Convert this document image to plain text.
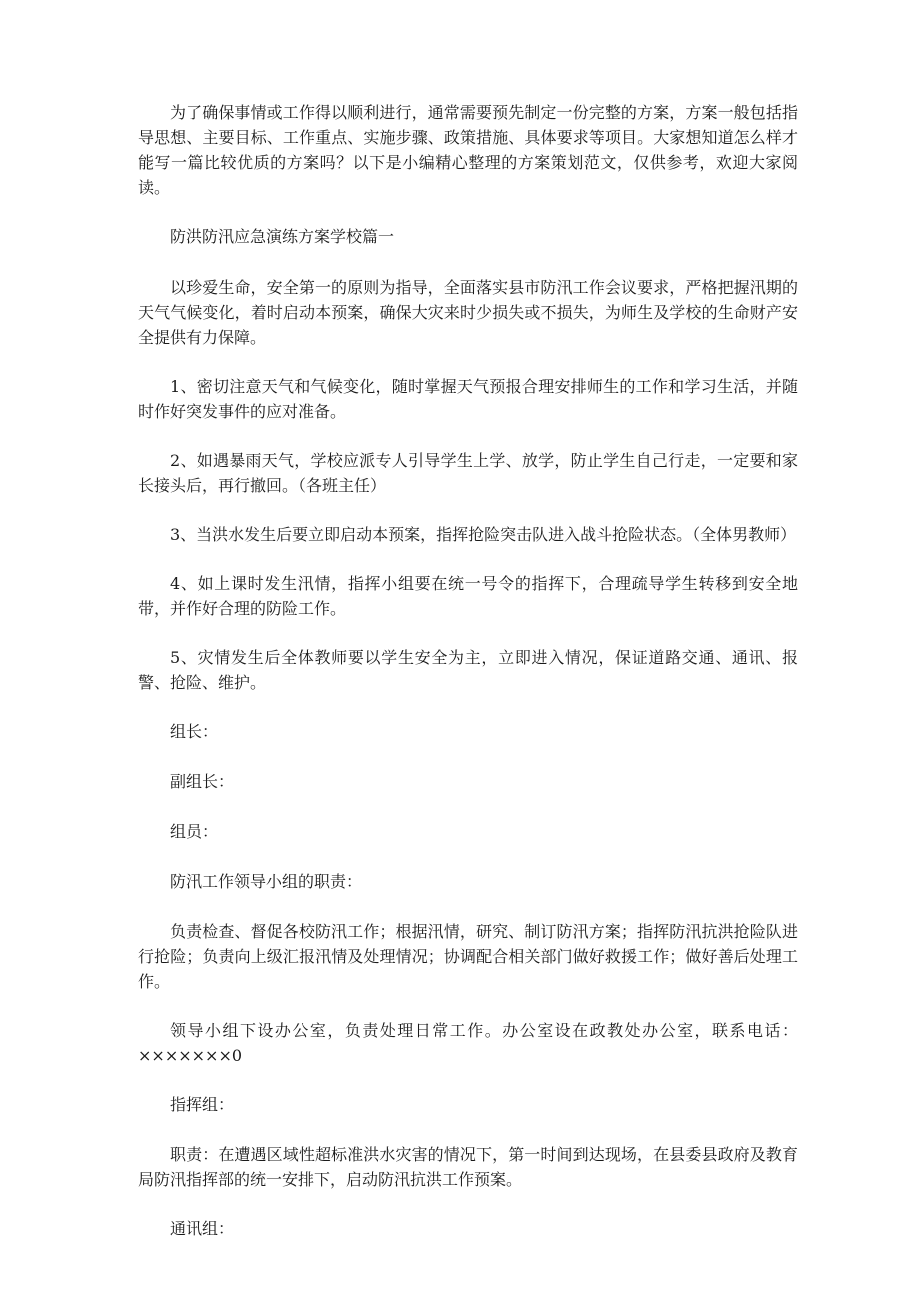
为了确保事情或工作得以顺利进行，通常需要预先制定一份完整的方案，方案一般包括指导思想、主要目标、工作重点、实施步骤、政策措施、具体要求等项目。大家想知道怎么样才能写一篇比较优质的方案吗？以下是小编精心整理的方案策划范文，仅供参考，欢迎大家阅读。

防洪防汛应急演练方案学校篇一

以珍爱生命，安全第一的原则为指导，全面落实县市防汛工作会议要求，严格把握汛期的天气气候变化，着时启动本预案，确保大灾来时少损失或不损失，为师生及学校的生命财产安全提供有力保障。

1、密切注意天气和气候变化，随时掌握天气预报合理安排师生的工作和学习生活，并随时作好突发事件的应对准备。

2、如遇暴雨天气，学校应派专人引导学生上学、放学，防止学生自己行走，一定要和家长接头后，再行撤回。（各班主任）

3、当洪水发生后要立即启动本预案，指挥抢险突击队进入战斗抢险状态。（全体男教师）

4、如上课时发生汛情，指挥小组要在统一号令的指挥下，合理疏导学生转移到安全地带，并作好合理的防险工作。

5、灾情发生后全体教师要以学生安全为主，立即进入情况，保证道路交通、通讯、报警、抢险、维护。

组长：

副组长：

组员：

防汛工作领导小组的职责：

负责检查、督促各校防汛工作；根据汛情，研究、制订防汛方案；指挥防汛抗洪抢险队进行抢险；负责向上级汇报汛情及处理情况；协调配合相关部门做好救援工作；做好善后处理工作。

领导小组下设办公室，负责处理日常工作。办公室设在政教处办公室，联系电话：×××××××0

指挥组：

职责：在遭遇区域性超标准洪水灾害的情况下，第一时间到达现场，在县委县政府及教育局防汛指挥部的统一安排下，启动防汛抗洪工作预案。

通讯组：
